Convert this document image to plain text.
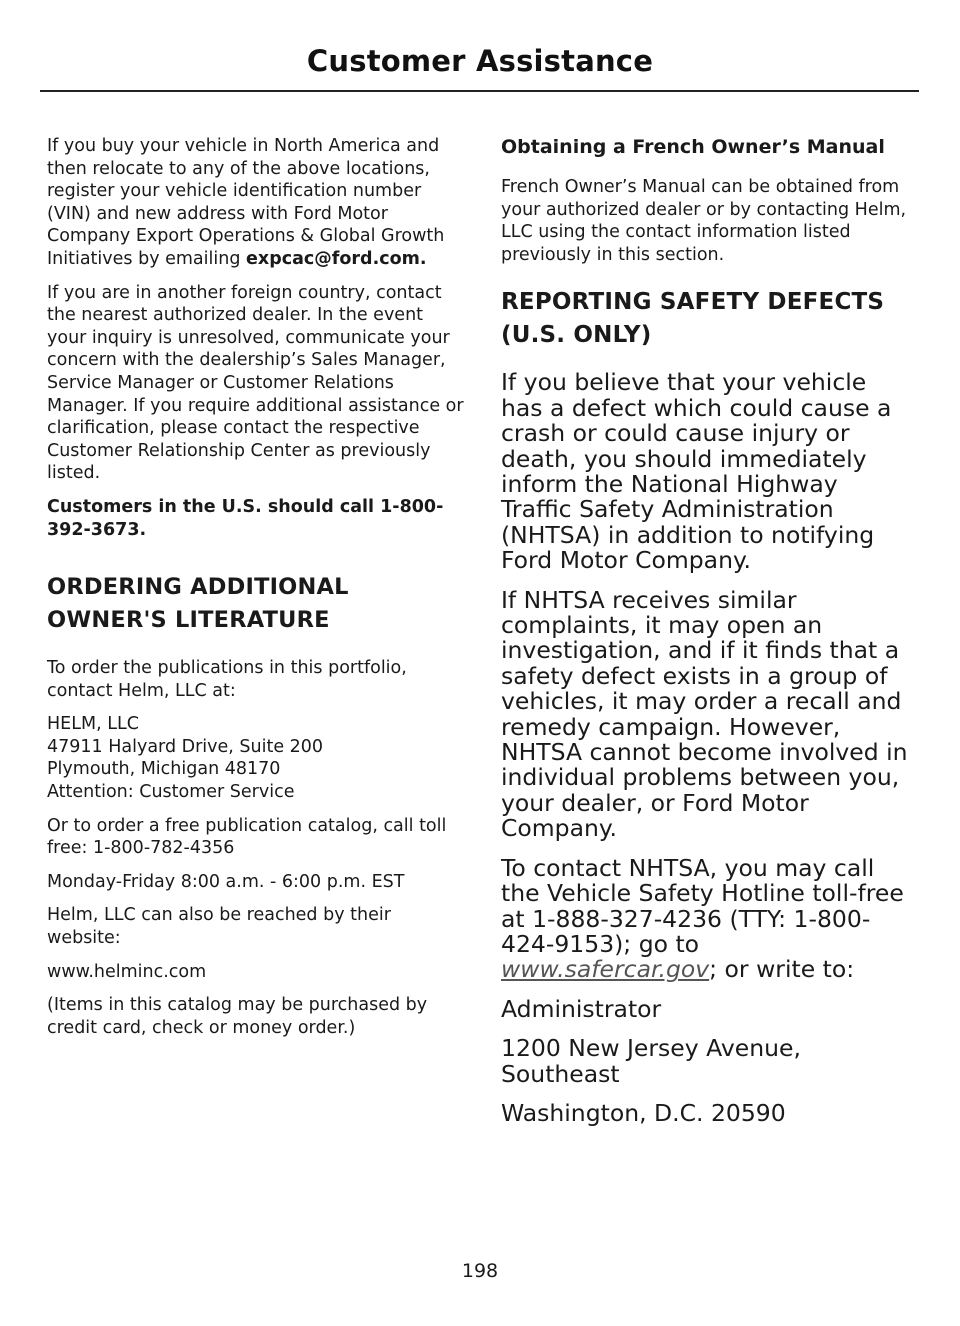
Customer Assistance

If you buy your vehicle in North America and then relocate to any of the above locations, register your vehicle identification number (VIN) and new address with Ford Motor Company Export Operations & Global Growth Initiatives by emailing expcac@ford.com.

If you are in another foreign country, contact the nearest authorized dealer. In the event your inquiry is unresolved, communicate your concern with the dealership’s Sales Manager, Service Manager or Customer Relations Manager. If you require additional assistance or clarification, please contact the respective Customer Relationship Center as previously listed.

Customers in the U.S. should call 1-800-392-3673.

ORDERING ADDITIONAL
OWNER'S LITERATURE

To order the publications in this portfolio, contact Helm, LLC at:

HELM, LLC
47911 Halyard Drive, Suite 200
Plymouth, Michigan 48170
Attention: Customer Service

Or to order a free publication catalog, call toll free: 1-800-782-4356

Monday-Friday 8:00 a.m. - 6:00 p.m. EST

Helm, LLC can also be reached by their website:

www.helminc.com

(Items in this catalog may be purchased by credit card, check or money order.)

Obtaining a French Owner’s Manual

French Owner’s Manual can be obtained from your authorized dealer or by contacting Helm, LLC using the contact information listed previously in this section.

REPORTING SAFETY DEFECTS
(U.S. ONLY)

If you believe that your vehicle has a defect which could cause a crash or could cause injury or death, you should immediately inform the National Highway Traffic Safety Administration (NHTSA) in addition to notifying Ford Motor Company.

If NHTSA receives similar complaints, it may open an investigation, and if it finds that a safety defect exists in a group of vehicles, it may order a recall and remedy campaign. However, NHTSA cannot become involved in individual problems between you, your dealer, or Ford Motor Company.

To contact NHTSA, you may call the Vehicle Safety Hotline toll-free at 1-888-327-4236 (TTY: 1-800-424-9153); go to www.safercar.gov; or write to:

Administrator

1200 New Jersey Avenue, Southeast

Washington, D.C. 20590

198
